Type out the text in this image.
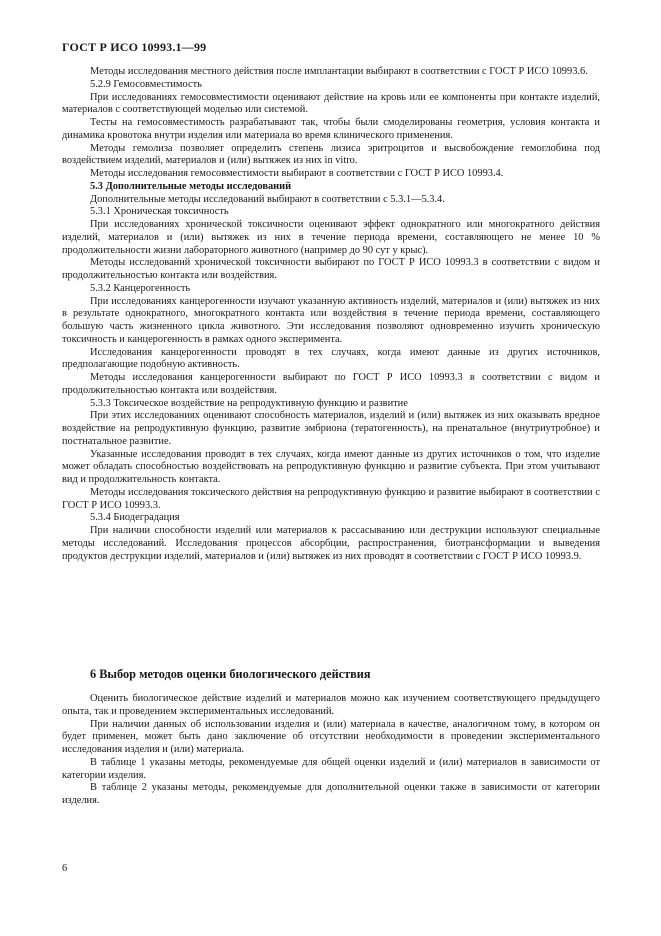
ГОСТ Р ИСО 10993.1—99

Методы исследования местного действия после имплантации выбирают в соответствии с ГОСТ Р ИСО 10993.6.

5.2.9 Гемосовместимость

При исследованиях гемосовместимости оценивают действие на кровь или ее компоненты при контакте изделий, материалов с соответствующей моделью или системой.

Тесты на гемосовместимость разрабатывают так, чтобы были смоделированы геометрия, условия контакта и динамика кровотока внутри изделия или материала во время клинического применения.

Методы гемолиза позволяет определить степень лизиса эритроцитов и высвобождение гемоглобина под воздействием изделий, материалов и (или) вытяжек из них in vitro.

Методы исследования гемосовместимости выбирают в соответствии с ГОСТ Р ИСО 10993.4.

5.3 Дополнительные методы исследований

Дополнительные методы исследований выбирают в соответствии с 5.3.1—5.3.4.

5.3.1 Хроническая токсичность

При исследованиях хронической токсичности оценивают эффект однократного или многократного действия изделий, материалов и (или) вытяжек из них в течение периода времени, составляющего не менее 10 % продолжительности жизни лабораторного животного (например до 90 сут у крыс).

Методы исследований хронической токсичности выбирают по ГОСТ Р ИСО 10993.3 в соответствии с видом и продолжительностью контакта или воздействия.

5.3.2 Канцерогенность

При исследованиях канцерогенности изучают указанную активность изделий, материалов и (или) вытяжек из них в результате однократного, многократного контакта или воздействия в течение периода времени, составляющего большую часть жизненного цикла животного. Эти исследования позволяют одновременно изучить хроническую токсичность и канцерогенность в рамках одного эксперимента.

Исследования канцерогенности проводят в тех случаях, когда имеют данные из других источников, предполагающие подобную активность.

Методы исследования канцерогенности выбирают по ГОСТ Р ИСО 10993.3 в соответствии с видом и продолжительностью контакта или воздействия.

5.3.3 Токсическое воздействие на репродуктивную функцию и развитие

При этих исследованиях оценивают способность материалов, изделий и (или) вытяжек из них оказывать вредное воздействие на репродуктивную функцию, развитие эмбриона (тератогенность), на пренатальное (внутриутробное) и постнатальное развитие.

Указанные исследования проводят в тех случаях, когда имеют данные из других источников о том, что изделие может обладать способностью воздействовать на репродуктивную функцию и развитие субъекта. При этом учитывают вид и продолжительность контакта.

Методы исследования токсического действия на репродуктивную функцию и развитие выбирают в соответствии с ГОСТ Р ИСО 10993.3.

5.3.4 Биодеградация

При наличии способности изделий или материалов к рассасыванию или деструкции используют специальные методы исследований. Исследования процессов абсорбции, распространения, биотрансформации и выведения продуктов деструкции изделий, материалов и (или) вытяжек из них проводят в соответствии с ГОСТ Р ИСО 10993.9.

6 Выбор методов оценки биологического действия

Оценить биологическое действие изделий и материалов можно как изучением соответствующего предыдущего опыта, так и проведением экспериментальных исследований.

При наличии данных об использовании изделия и (или) материала в качестве, аналогичном тому, в котором он будет применен, может быть дано заключение об отсутствии необходимости в проведении экспериментального исследования изделия и (или) материала.

В таблице 1 указаны методы, рекомендуемые для общей оценки изделий и (или) материалов в зависимости от категории изделия.

В таблице 2 указаны методы, рекомендуемые для дополнительной оценки также в зависимости от категории изделия.

6
